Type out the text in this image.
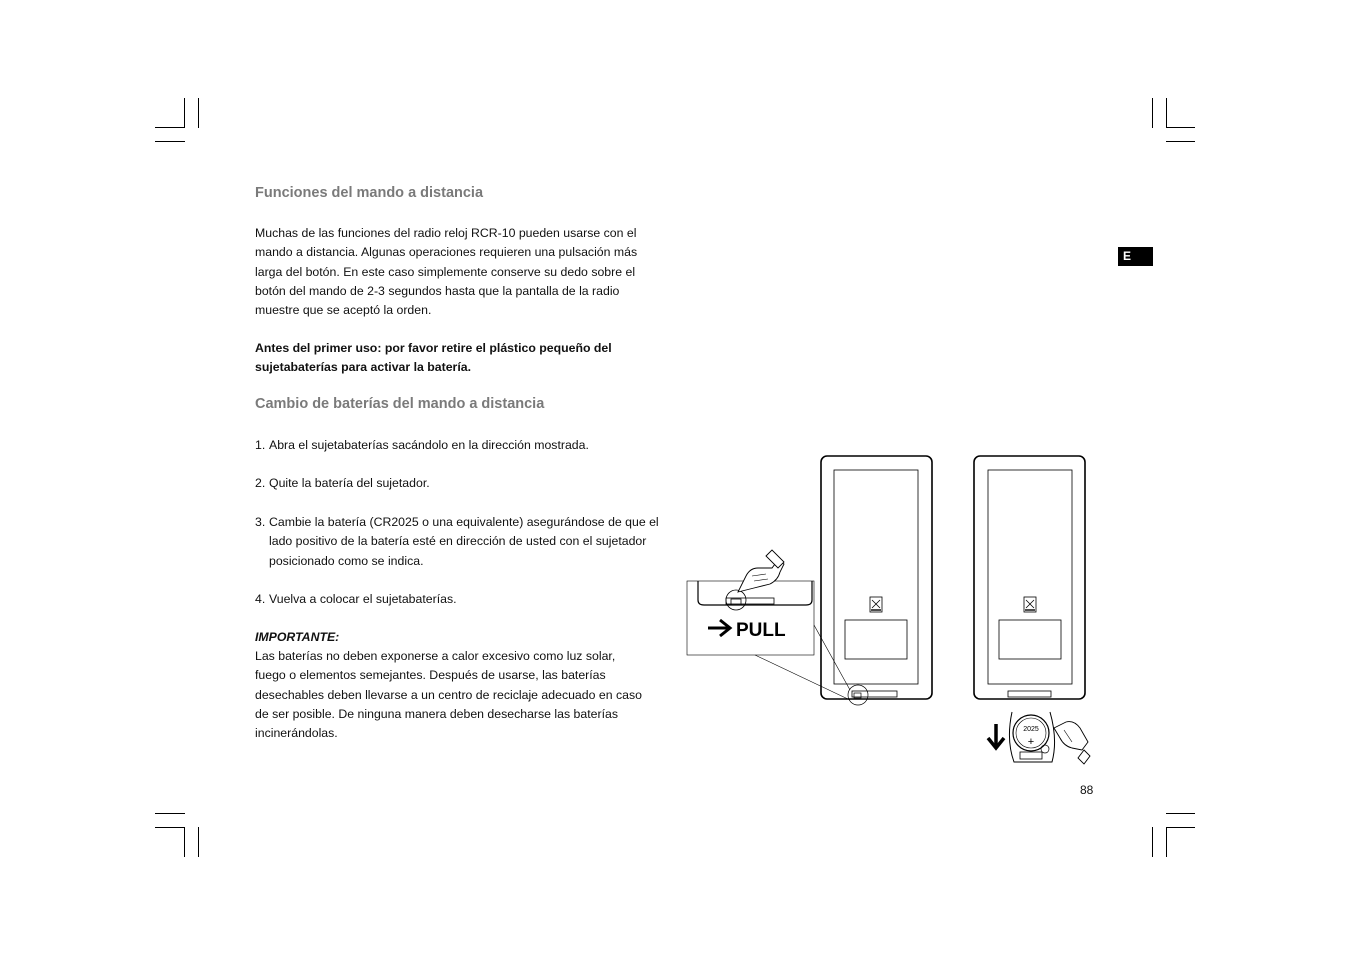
Funciones del mando a distancia

Muchas de las funciones del radio reloj RCR-10 pueden usarse con el mando a distancia. Algunas operaciones requieren una pulsación más larga del botón. En este caso simplemente conserve su dedo sobre el botón del mando de 2-3 segundos hasta que la pantalla de la radio muestre que se aceptó la orden.

Antes del primer uso: por favor retire el plástico pequeño del sujetabaterías para activar la batería.

Cambio de baterías del mando a distancia
1. Abra el sujetabaterías sacándolo en la dirección mostrada.
2. Quite la batería del sujetador.
3. Cambie la batería (CR2025 o una equivalente) asegurándose de que el lado positivo de la batería esté en dirección de usted con el sujetador posicionado como se indica.
4. Vuelva a colocar el sujetabaterías.
IMPORTANTE:

Las baterías no deben exponerse a calor excesivo como luz solar, fuego o elementos semejantes. Después de usarse, las baterías desechables deben llevarse a un centro de reciclaje adecuado en caso de ser posible. De ninguna manera deben desecharse las baterías incinerándolas.

E
88
PULL
2025
+
